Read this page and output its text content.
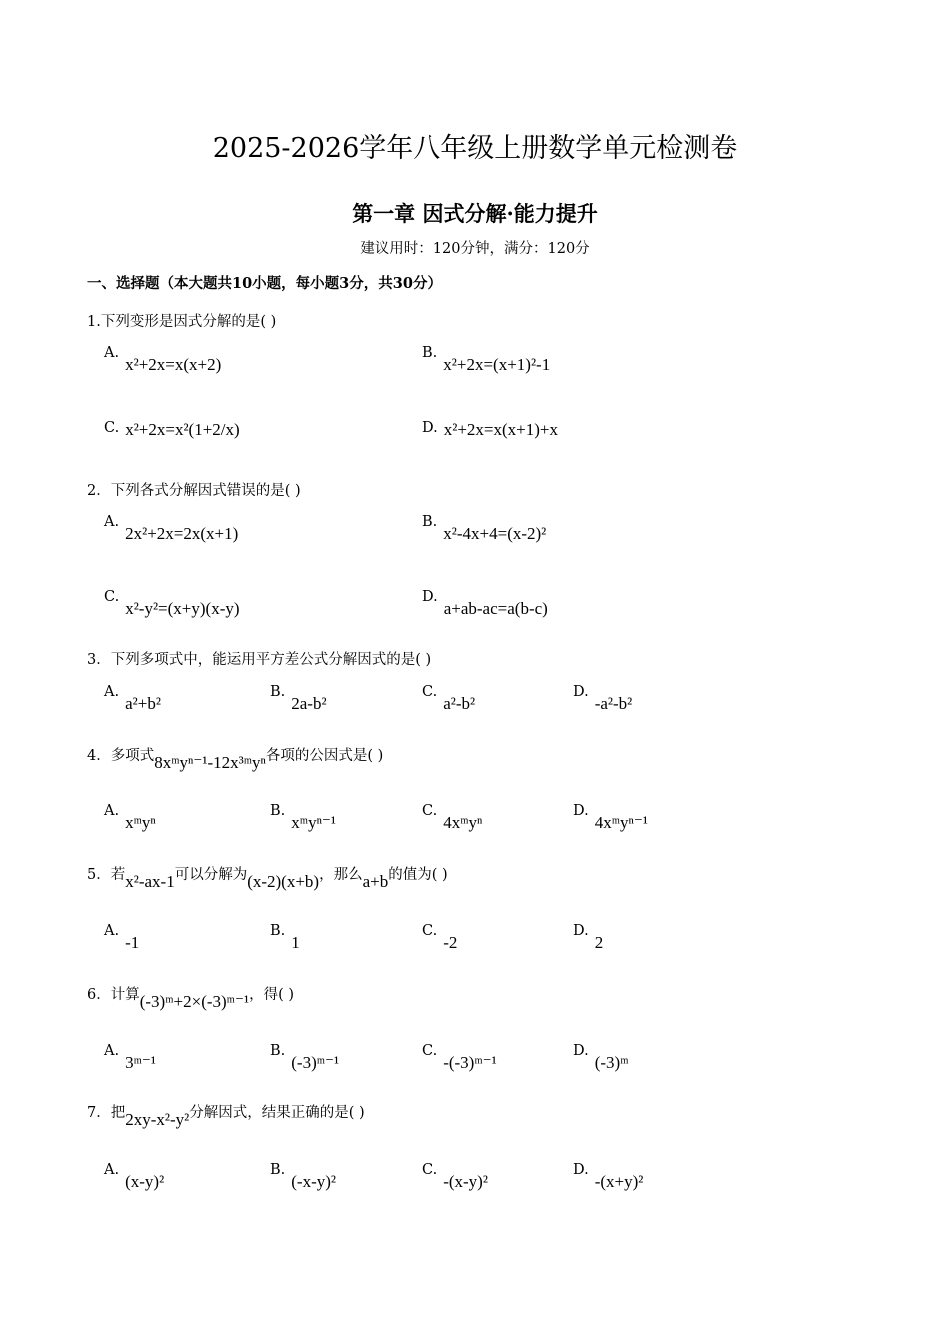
2025-2026学年八年级上册数学单元检测卷
第一章 因式分解·能力提升
建议用时：120分钟，满分：120分
一、选择题（本大题共10小题，每小题3分，共30分）
1.下列变形是因式分解的是( )
A.x²+2x=x(x+2)
B.x²+2x=(x+1)²-1
C. x²+2x=x²(1+2/x)	D. x²+2x=x(x+1)+x
2．下列各式分解因式错误的是( )
A.2x²+2x=2x(x+1)
B.x²-4x+4=(x-2)²
C.x²-y²=(x+y)(x-y)
D.a+ab-ac=a(b-c)
3．下列多项式中，能运用平方差公式分解因式的是( )
A.a²+b²
B.2a-b²
C.a²-b²
D.-a²-b²
4．多项式8xᵐyⁿ⁻¹-12x³ᵐyⁿ各项的公因式是( )
A.xᵐyⁿ
B.xᵐyⁿ⁻¹
C.4xᵐyⁿ
D.4xᵐyⁿ⁻¹
5．若x²-ax-1可以分解为(x-2)(x+b)，那么a+b的值为( )
A.-1
B.1
C.-2
D.2
6．计算(-3)ᵐ+2×(-3)ᵐ⁻¹，得( )
A.3ᵐ⁻¹
B.(-3)ᵐ⁻¹
C.-(-3)ᵐ⁻¹
D.(-3)ᵐ
7．把2xy-x²-y²分解因式，结果正确的是( )
A.(x-y)²
B.(-x-y)²
C.-(x-y)²
D.-(x+y)²
